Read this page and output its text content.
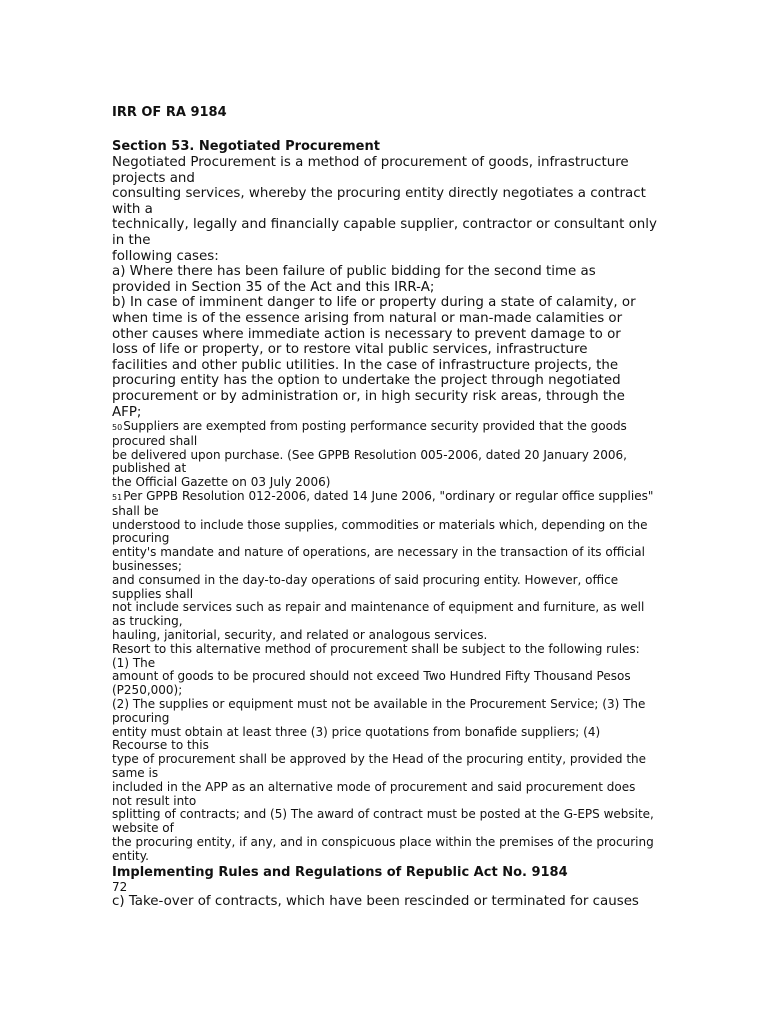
IRR OF RA 9184
Section 53. Negotiated Procurement
Negotiated Procurement is a method of procurement of goods, infrastructure
projects and
consulting services, whereby the procuring entity directly negotiates a contract
with a
technically, legally and financially capable supplier, contractor or consultant only
in the
following cases:
a) Where there has been failure of public bidding for the second time as
provided in Section 35 of the Act and this IRR-A;
b) In case of imminent danger to life or property during a state of calamity, or
when time is of the essence arising from natural or man-made calamities or
other causes where immediate action is necessary to prevent damage to or
loss of life or property, or to restore vital public services, infrastructure
facilities and other public utilities. In the case of infrastructure projects, the
procuring entity has the option to undertake the project through negotiated
procurement or by administration or, in high security risk areas, through the
AFP;
50Suppliers are exempted from posting performance security provided that the goods
procured shall
be delivered upon purchase. (See GPPB Resolution 005-2006, dated 20 January 2006,
published at
the Official Gazette on 03 July 2006)
51Per GPPB Resolution 012-2006, dated 14 June 2006, "ordinary or regular office supplies"
shall be
understood to include those supplies, commodities or materials which, depending on the
procuring
entity's mandate and nature of operations, are necessary in the transaction of its official
businesses;
and consumed in the day-to-day operations of said procuring entity. However, office
supplies shall
not include services such as repair and maintenance of equipment and furniture, as well
as trucking,
hauling, janitorial, security, and related or analogous services.
Resort to this alternative method of procurement shall be subject to the following rules:
(1) The
amount of goods to be procured should not exceed Two Hundred Fifty Thousand Pesos
(P250,000);
(2) The supplies or equipment must not be available in the Procurement Service; (3) The
procuring
entity must obtain at least three (3) price quotations from bonafide suppliers; (4)
Recourse to this
type of procurement shall be approved by the Head of the procuring entity, provided the
same is
included in the APP as an alternative mode of procurement and said procurement does
not result into
splitting of contracts; and (5) The award of contract must be posted at the G-EPS website,
website of
the procuring entity, if any, and in conspicuous place within the premises of the procuring
entity.
Implementing Rules and Regulations of Republic Act No. 9184
72
c) Take-over of contracts, which have been rescinded or terminated for causes
